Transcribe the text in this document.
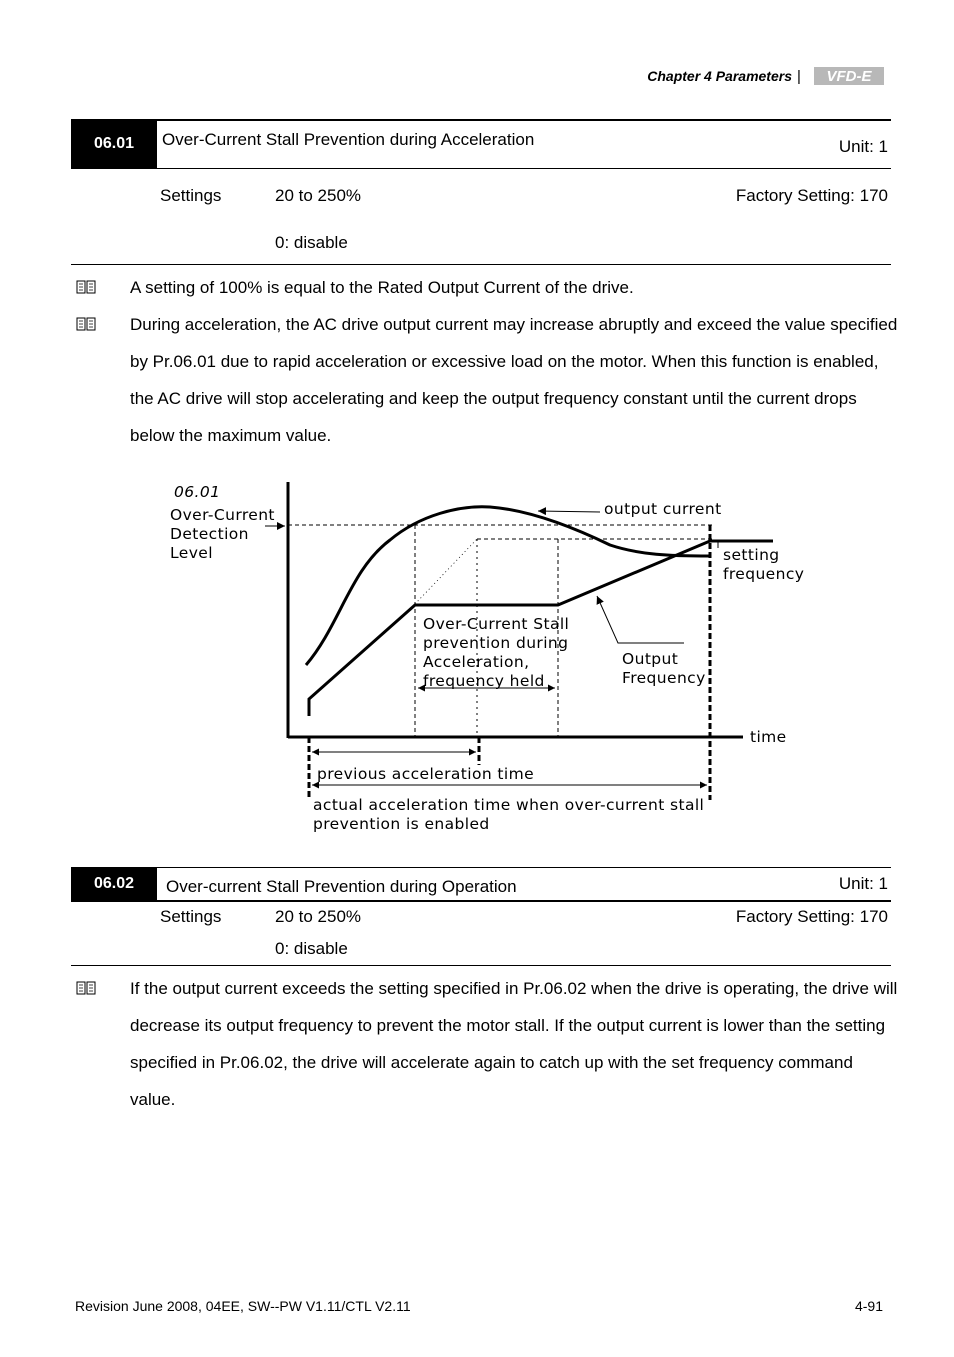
Chapter 4 Parameters | VFD-E
06.01 Over-Current Stall Prevention during Acceleration	Unit: 1
Settings	20 to 250%	Factory Setting: 170
0: disable
A setting of 100% is equal to the Rated Output Current of the drive.
During acceleration, the AC drive output current may increase abruptly and exceed the value specified by Pr.06.01 due to rapid acceleration or excessive load on the motor. When this function is enabled, the AC drive will stop accelerating and keep the output frequency constant until the current drops below the maximum value.
06.01
Over-Current
Detection
Level
output current
setting
frequency
Over-Current Stall
prevention during
Acceleration,
frequency held
Output
Frequency
time
previous acceleration time
actual acceleration time when over-current stall
prevention is enabled
06.02 Over-current Stall Prevention during Operation	Unit: 1
Settings	20 to 250%	Factory Setting: 170
0: disable
If the output current exceeds the setting specified in Pr.06.02 when the drive is operating, the drive will decrease its output frequency to prevent the motor stall. If the output current is lower than the setting specified in Pr.06.02, the drive will accelerate again to catch up with the set frequency command value.
Revision June 2008, 04EE, SW--PW V1.11/CTL V2.11	4-91
